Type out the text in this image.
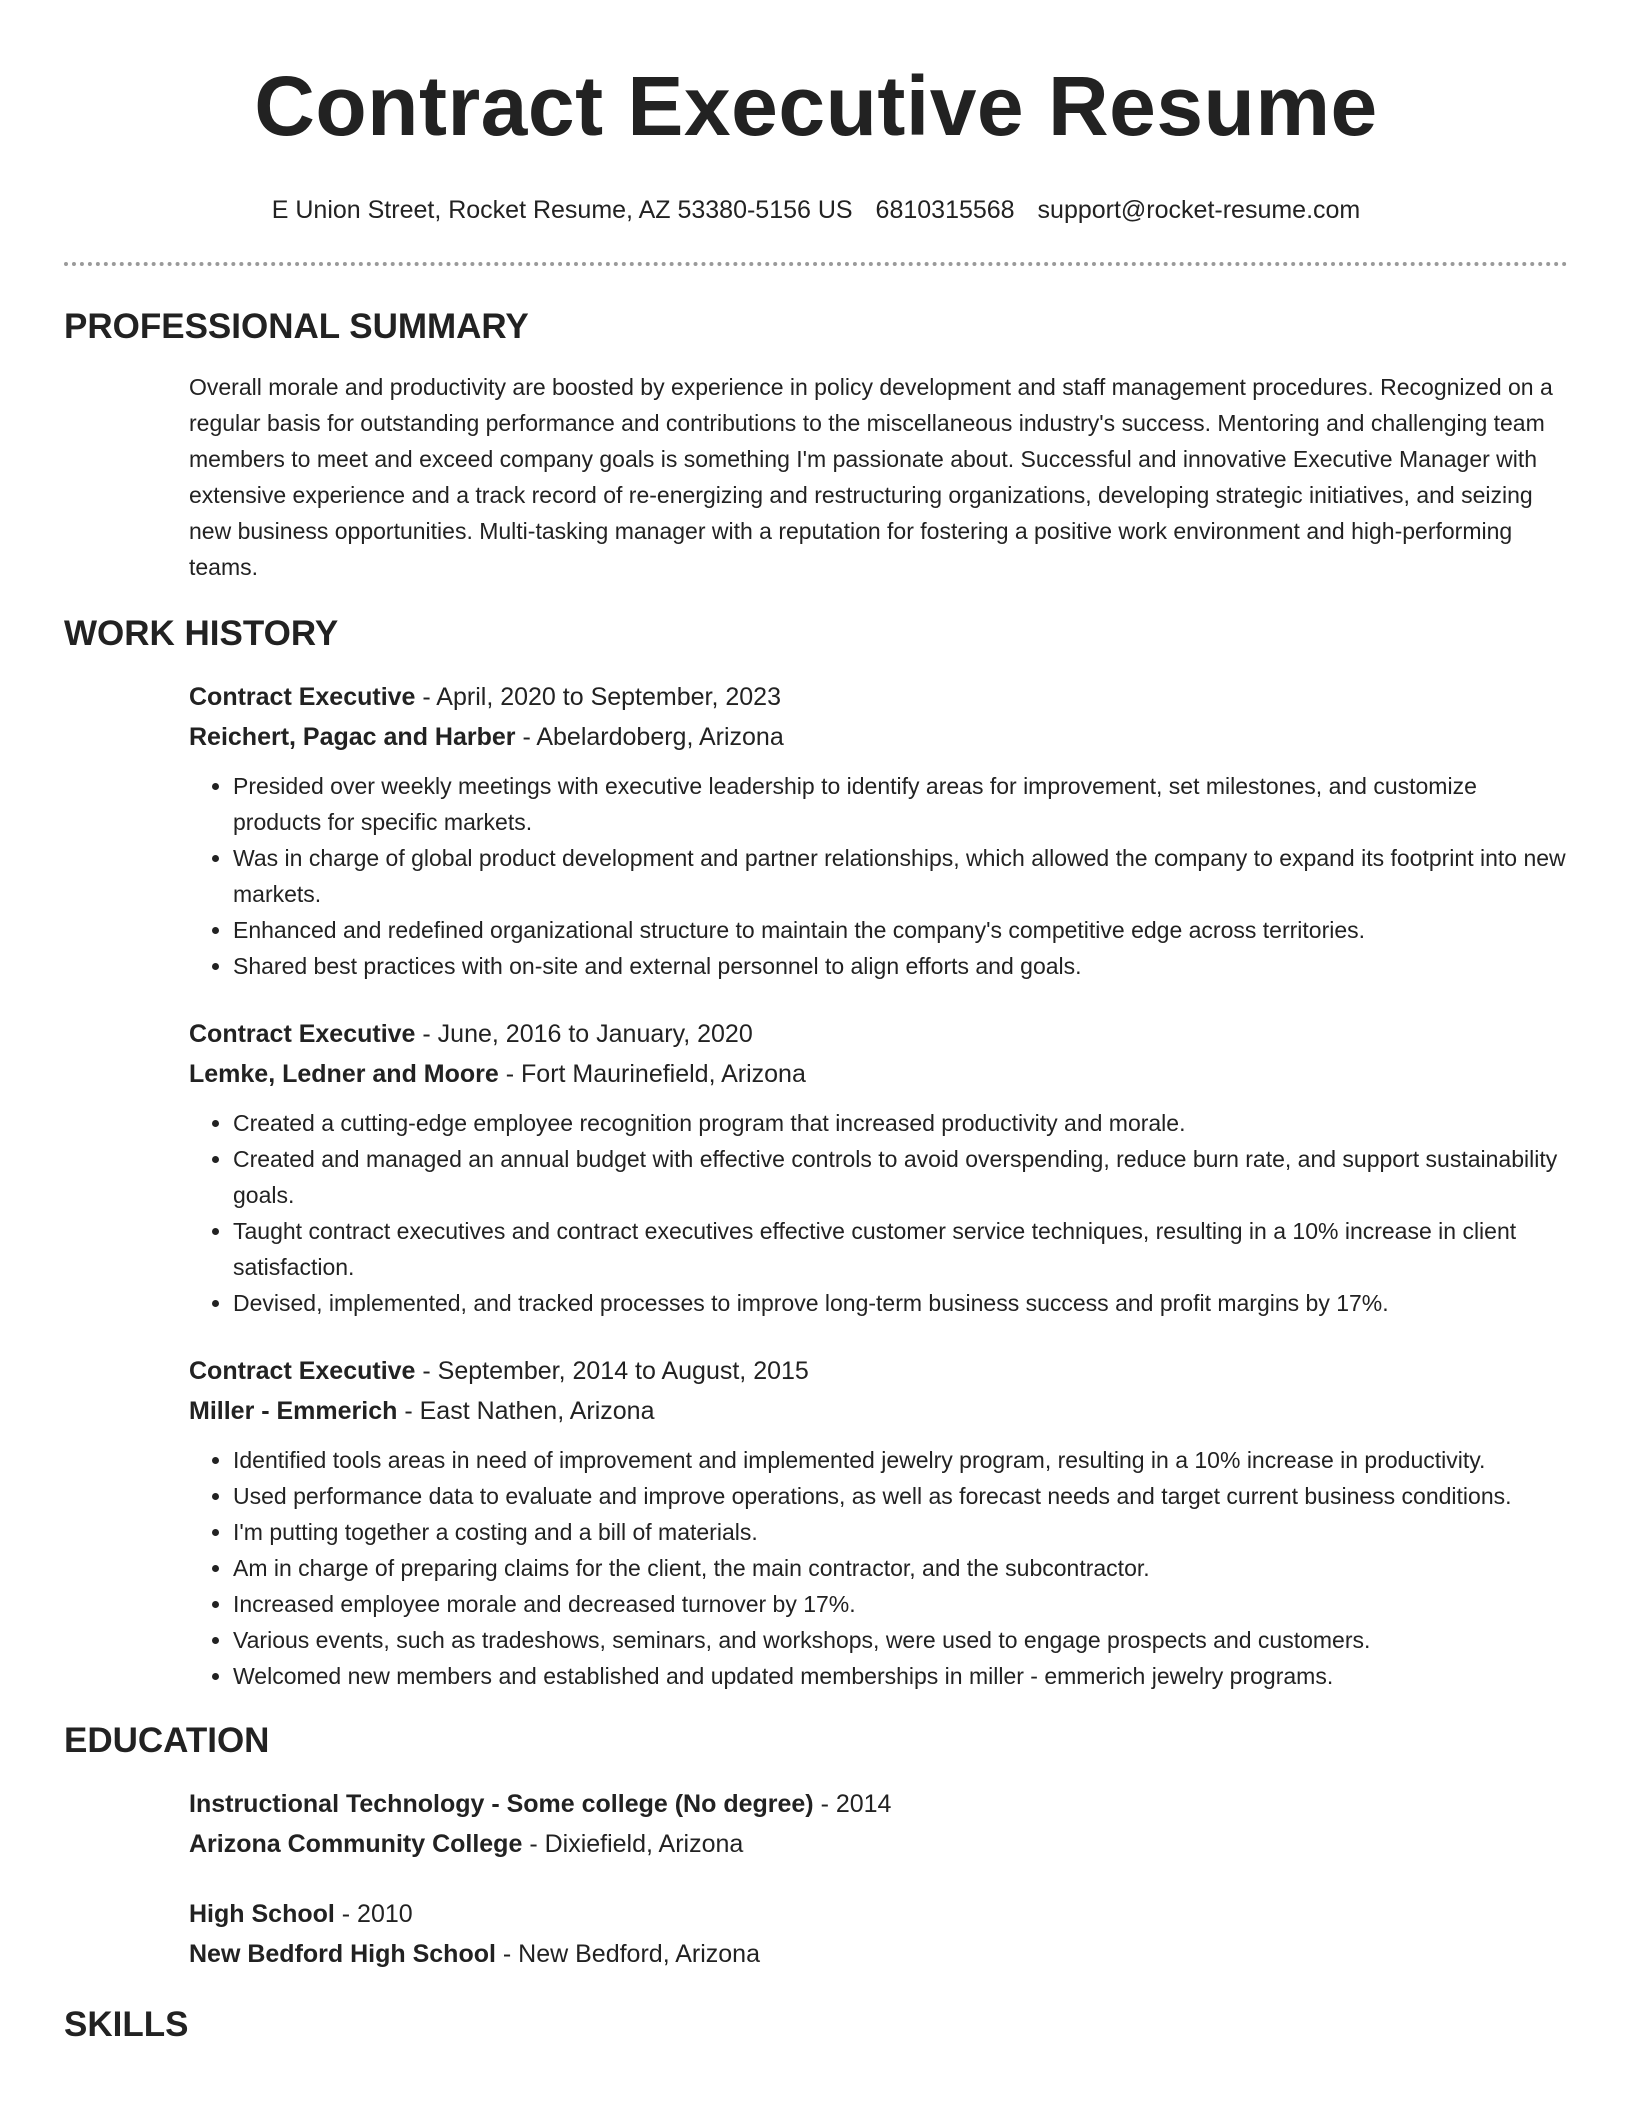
Contract Executive Resume
E Union Street, Rocket Resume, AZ 53380-5156 US 6810315568 support@rocket-resume.com
PROFESSIONAL SUMMARY
Overall morale and productivity are boosted by experience in policy development and staff management procedures. Recognized on a regular basis for outstanding performance and contributions to the miscellaneous industry's success. Mentoring and challenging team members to meet and exceed company goals is something I'm passionate about. Successful and innovative Executive Manager with extensive experience and a track record of re-energizing and restructuring organizations, developing strategic initiatives, and seizing new business opportunities. Multi-tasking manager with a reputation for fostering a positive work environment and high-performing teams.
WORK HISTORY
Contract Executive - April, 2020 to September, 2023
Reichert, Pagac and Harber - Abelardoberg, Arizona
• Presided over weekly meetings with executive leadership to identify areas for improvement, set milestones, and customize products for specific markets.
• Was in charge of global product development and partner relationships, which allowed the company to expand its footprint into new markets.
• Enhanced and redefined organizational structure to maintain the company's competitive edge across territories.
• Shared best practices with on-site and external personnel to align efforts and goals.
Contract Executive - June, 2016 to January, 2020
Lemke, Ledner and Moore - Fort Maurinefield, Arizona
• Created a cutting-edge employee recognition program that increased productivity and morale.
• Created and managed an annual budget with effective controls to avoid overspending, reduce burn rate, and support sustainability goals.
• Taught contract executives and contract executives effective customer service techniques, resulting in a 10% increase in client satisfaction.
• Devised, implemented, and tracked processes to improve long-term business success and profit margins by 17%.
Contract Executive - September, 2014 to August, 2015
Miller - Emmerich - East Nathen, Arizona
• Identified tools areas in need of improvement and implemented jewelry program, resulting in a 10% increase in productivity.
• Used performance data to evaluate and improve operations, as well as forecast needs and target current business conditions.
• I'm putting together a costing and a bill of materials.
• Am in charge of preparing claims for the client, the main contractor, and the subcontractor.
• Increased employee morale and decreased turnover by 17%.
• Various events, such as tradeshows, seminars, and workshops, were used to engage prospects and customers.
• Welcomed new members and established and updated memberships in miller - emmerich jewelry programs.
EDUCATION
Instructional Technology - Some college (No degree) - 2014
Arizona Community College - Dixiefield, Arizona
High School - 2010
New Bedford High School - New Bedford, Arizona
SKILLS
